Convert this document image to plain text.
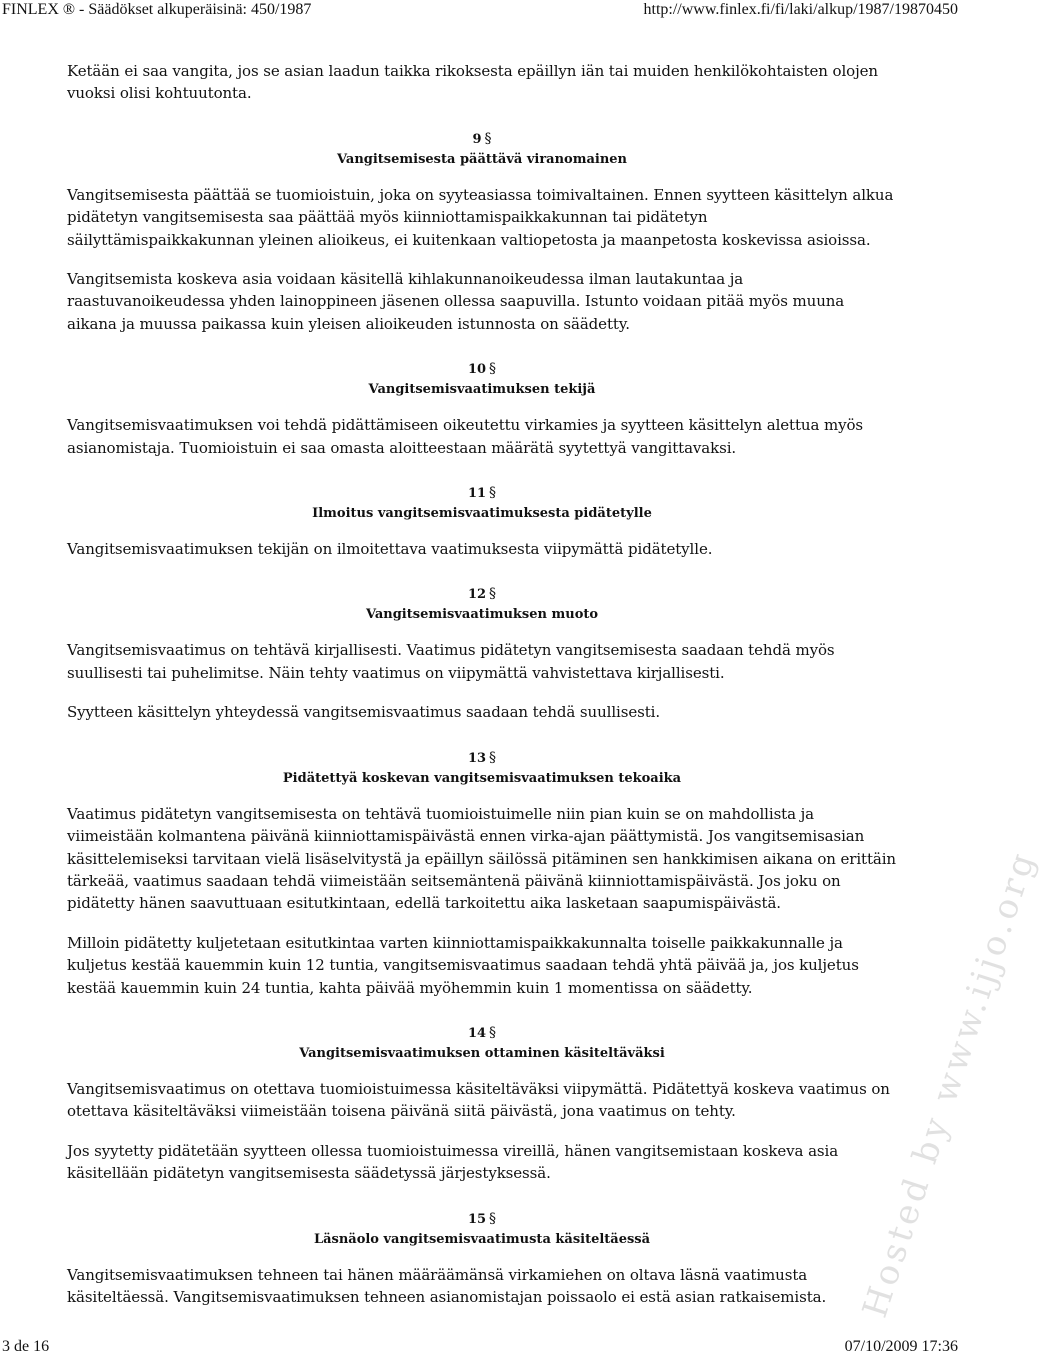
FINLEX ® - Säädökset alkuperäisinä: 450/1987	http://www.finlex.fi/fi/laki/alkup/1987/19870450

Ketään ei saa vangita, jos se asian laadun taikka rikoksesta epäillyn iän tai muiden henkilökohtaisten olojen vuoksi olisi kohtuutonta.

9 §
Vangitsemisesta päättävä viranomainen

Vangitsemisesta päättää se tuomioistuin, joka on syyteasiassa toimivaltainen. Ennen syytteen käsittelyn alkua pidätetyn vangitsemisesta saa päättää myös kiinniottamispaikkakunnan tai pidätetyn säilyttämispaikkakunnan yleinen alioikeus, ei kuitenkaan valtiopetosta ja maanpetosta koskevissa asioissa.

Vangitsemista koskeva asia voidaan käsitellä kihlakunnanoikeudessa ilman lautakuntaa ja raastuvanoikeudessa yhden lainoppineen jäsenen ollessa saapuvilla. Istunto voidaan pitää myös muuna aikana ja muussa paikassa kuin yleisen alioikeuden istunnosta on säädetty.

10 §
Vangitsemisvaatimuksen tekijä

Vangitsemisvaatimuksen voi tehdä pidättämiseen oikeutettu virkamies ja syytteen käsittelyn alettua myös asianomistaja. Tuomioistuin ei saa omasta aloitteestaan määrätä syytettyä vangittavaksi.

11 §
Ilmoitus vangitsemisvaatimuksesta pidätetylle

Vangitsemisvaatimuksen tekijän on ilmoitettava vaatimuksesta viipymättä pidätetylle.

12 §
Vangitsemisvaatimuksen muoto

Vangitsemisvaatimus on tehtävä kirjallisesti. Vaatimus pidätetyn vangitsemisesta saadaan tehdä myös suullisesti tai puhelimitse. Näin tehty vaatimus on viipymättä vahvistettava kirjallisesti.

Syytteen käsittelyn yhteydessä vangitsemisvaatimus saadaan tehdä suullisesti.

13 §
Pidätettyä koskevan vangitsemisvaatimuksen tekoaika

Vaatimus pidätetyn vangitsemisesta on tehtävä tuomioistuimelle niin pian kuin se on mahdollista ja viimeistään kolmantena päivänä kiinniottamispäivästä ennen virka-ajan päättymistä. Jos vangitsemisasian käsittelemiseksi tarvitaan vielä lisäselvitystä ja epäillyn säilössä pitäminen sen hankkimisen aikana on erittäin tärkeää, vaatimus saadaan tehdä viimeistään seitsemäntenä päivänä kiinniottamispäivästä. Jos joku on pidätetty hänen saavuttuaan esitutkintaan, edellä tarkoitettu aika lasketaan saapumispäivästä.

Milloin pidätetty kuljetetaan esitutkintaa varten kiinniottamispaikkakunnalta toiselle paikkakunnalle ja kuljetus kestää kauemmin kuin 12 tuntia, vangitsemisvaatimus saadaan tehdä yhtä päivää ja, jos kuljetus kestää kauemmin kuin 24 tuntia, kahta päivää myöhemmin kuin 1 momentissa on säädetty.

14 §
Vangitsemisvaatimuksen ottaminen käsiteltäväksi

Vangitsemisvaatimus on otettava tuomioistuimessa käsiteltäväksi viipymättä. Pidätettyä koskeva vaatimus on otettava käsiteltäväksi viimeistään toisena päivänä siitä päivästä, jona vaatimus on tehty.

Jos syytetty pidätetään syytteen ollessa tuomioistuimessa vireillä, hänen vangitsemistaan koskeva asia käsitellään pidätetyn vangitsemisesta säädetyssä järjestyksessä.

15 §
Läsnäolo vangitsemisvaatimusta käsiteltäessä

Vangitsemisvaatimuksen tehneen tai hänen määräämänsä virkamiehen on oltava läsnä vaatimusta käsiteltäessä. Vangitsemisvaatimuksen tehneen asianomistajan poissaolo ei estä asian ratkaisemista. Hosted by www.ijjo.org
3 de 16	07/10/2009 17:36
